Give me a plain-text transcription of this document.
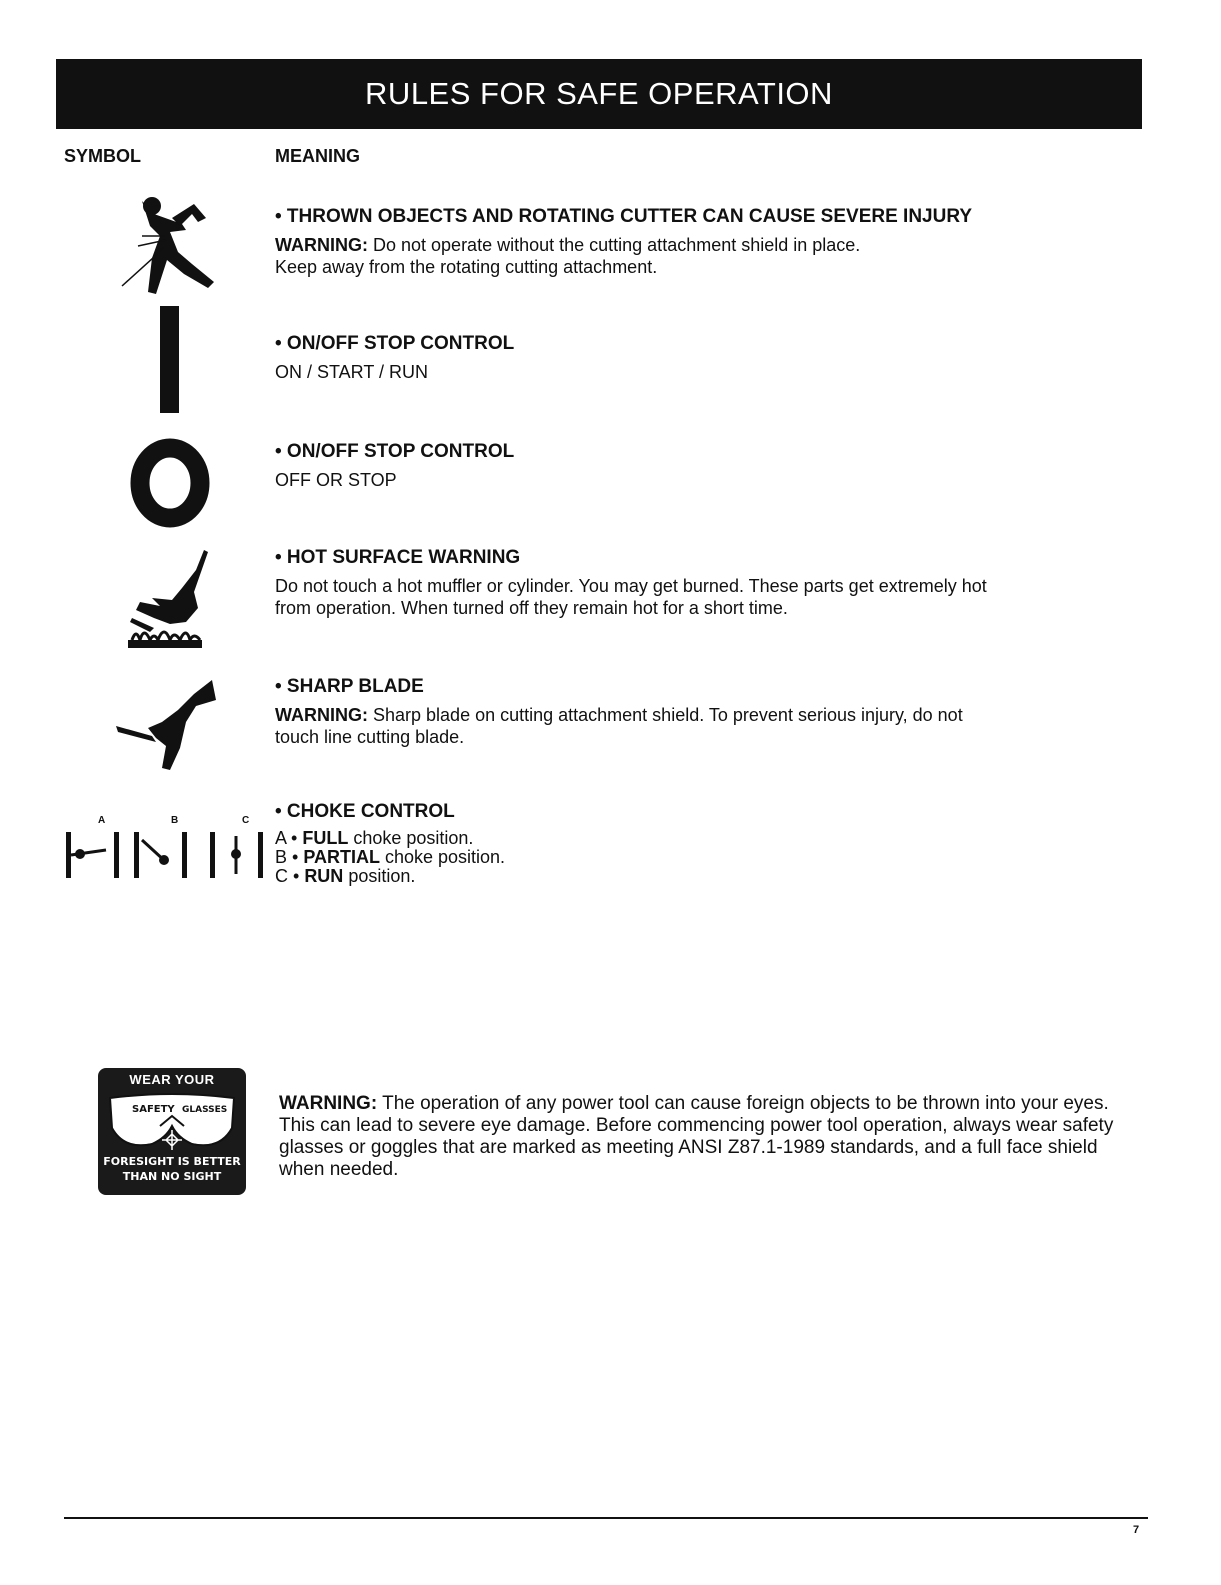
RULES FOR SAFE OPERATION
SYMBOL	MEANING
• THROWN OBJECTS AND ROTATING CUTTER CAN CAUSE SEVERE INJURY
WARNING: Do not operate without the cutting attachment shield in place.
Keep away from the rotating cutting attachment.
• ON/OFF STOP CONTROL
ON / START / RUN
• ON/OFF STOP CONTROL
OFF OR STOP
• HOT SURFACE WARNING
Do not touch a hot muffler or cylinder. You may get burned. These parts get extremely hot
from operation. When turned off they remain hot for a short time.
• SHARP BLADE
WARNING: Sharp blade on cutting attachment shield. To prevent serious injury, do not
touch line cutting blade.
A	B	C • CHOKE CONTROL
A • FULL choke position.
B • PARTIAL choke position.
C • RUN position.
WEAR YOUR
SAFETY GLASSES
FORESIGHT IS BETTER
THAN NO SIGHT
WARNING: The operation of any power tool can cause foreign objects to be thrown into your eyes. This can lead to severe eye damage. Before commencing power tool operation, always wear safety glasses or goggles that are marked as meeting ANSI Z87.1-1989 standards, and a full face shield when needed.
7
